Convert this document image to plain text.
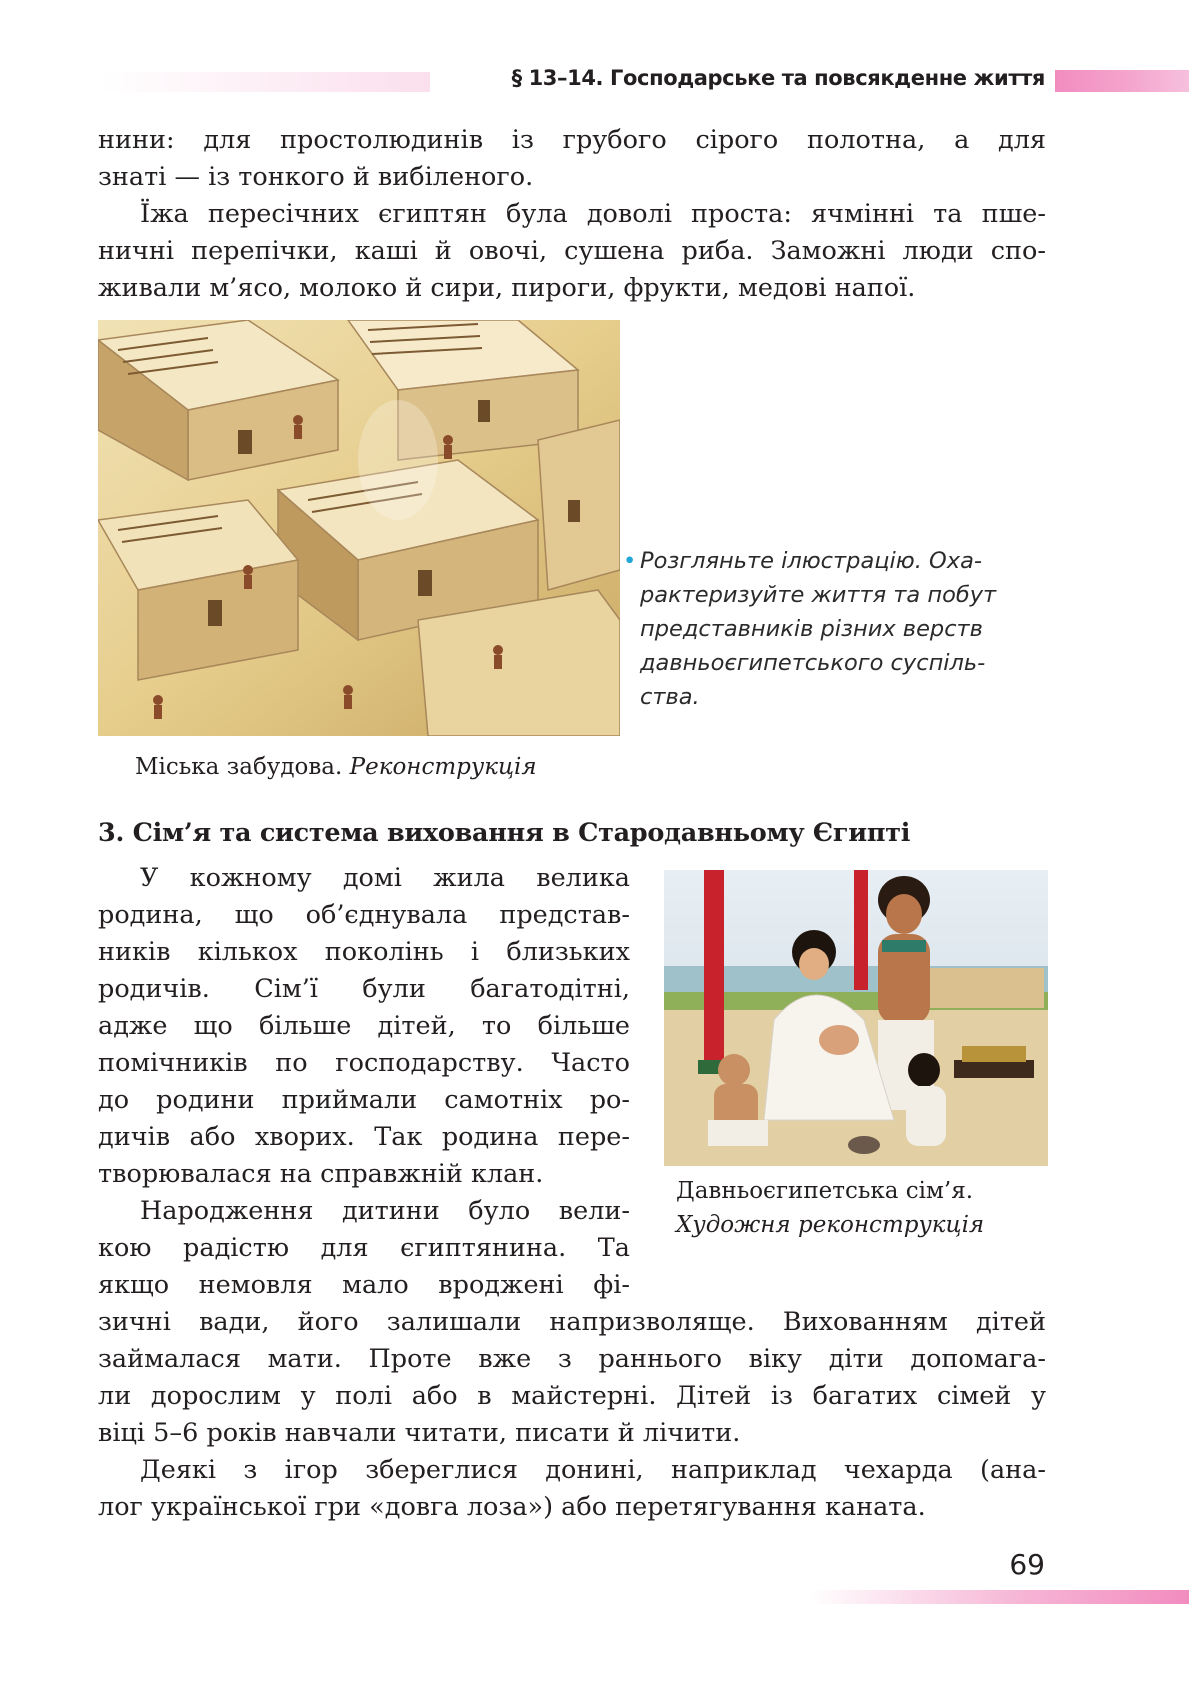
§ 13–14. Господарське та повсякденне життя
нини: для простолюдинів із грубого сірого полотна, а для
знаті — із тонкого й вибіленого.
Їжа пересічних єгиптян була доволі проста: ячмінні та пше-
ничні перепічки, каші й овочі, сушена риба. Заможні люди спо-
живали м’ясо, молоко й сири, пироги, фрукти, медові напої.
• Розгляньте ілюстрацію. Оха-
рактеризуйте життя та побут
представників різних верств
давньоєгипетського суспіль-
ства.
Міська забудова. Реконструкція
3. Сім’я та система виховання в Стародавньому Єгипті
У кожному домі жила велика
родина, що об’єднувала представ-
ників кількох поколінь і близьких
родичів. Сім’ї були багатодітні,
адже що більше дітей, то більше
помічників по господарству. Часто
до родини приймали самотніх ро-
дичів або хворих. Так родина пере-
творювалася на справжній клан.
Народження дитини було вели-
кою радістю для єгиптянина. Та
якщо немовля мало вроджені фі-
зичні вади, його залишали напризволяще. Вихованням дітей
займалася мати. Проте вже з раннього віку діти допомага-
ли дорослим у полі або в майстерні. Дітей із багатих сімей у
віці 5–6 років навчали читати, писати й лічити.
Деякі з ігор збереглися донині, наприклад чехарда (ана-
лог української гри «довга лоза») або перетягування каната.
Давньоєгипетська сім’я.
Художня реконструкція
69
